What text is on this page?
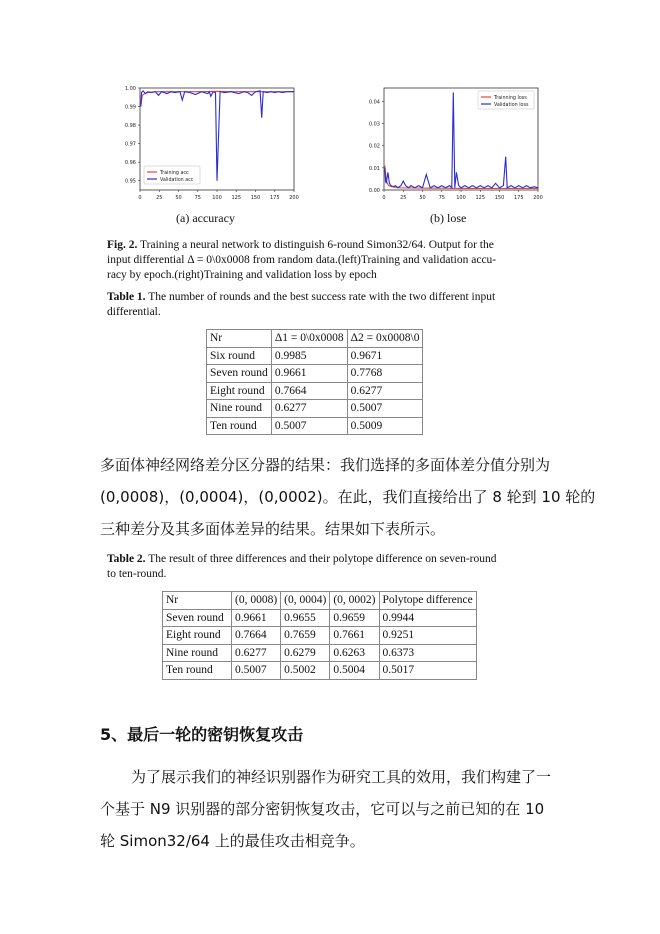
1.00
0.99
0.98
0.97
0.96
0.95
0	25	50	75 100 125 150 175 200
Training acc
Validation acc
(a) accuracy
0.04
0.03
0.02
0.01
0.00
0	25	50	75 100 125 150 175 200
Trainning loss
Validation loss
(b) lose
Fig. 2. Training a neural network to distinguish 6-round Simon32/64. Output for the
input differential Δ = 0\0x0008 from random data.(left)Training and validation accu-
racy by epoch.(right)Training and validation loss by epoch
Table 1. The number of rounds and the best success rate with the two different input
differential.
Nr	Δ1 = 0\0x0008	Δ2 = 0x0008\0
Six round	0.9985	0.9671
Seven round	0.9661	0.7768
Eight round	0.7664	0.6277
Nine round	0.6277	0.5007
Ten round	0.5007	0.5009
多面体神经网络差分区分器的结果：我们选择的多面体差分值分别为
(0,0008)，(0,0004)，(0,0002)。在此，我们直接给出了 8 轮到 10 轮的
三种差分及其多面体差异的结果。结果如下表所示。
Table 2. The result of three differences and their polytope difference on seven-round
to ten-round.
Nr	(0, 0008)	(0, 0004)	(0, 0002)	Polytope difference
Seven round	0.9661	0.9655	0.9659	0.9944
Eight round	0.7664	0.7659	0.7661	0.9251
Nine round	0.6277	0.6279	0.6263	0.6373
Ten round	0.5007	0.5002	0.5004	0.5017
5、最后一轮的密钥恢复攻击
为了展示我们的神经识别器作为研究工具的效用，我们构建了一
个基于 N9 识别器的部分密钥恢复攻击，它可以与之前已知的在 10
轮 Simon32/64 上的最佳攻击相竞争。
